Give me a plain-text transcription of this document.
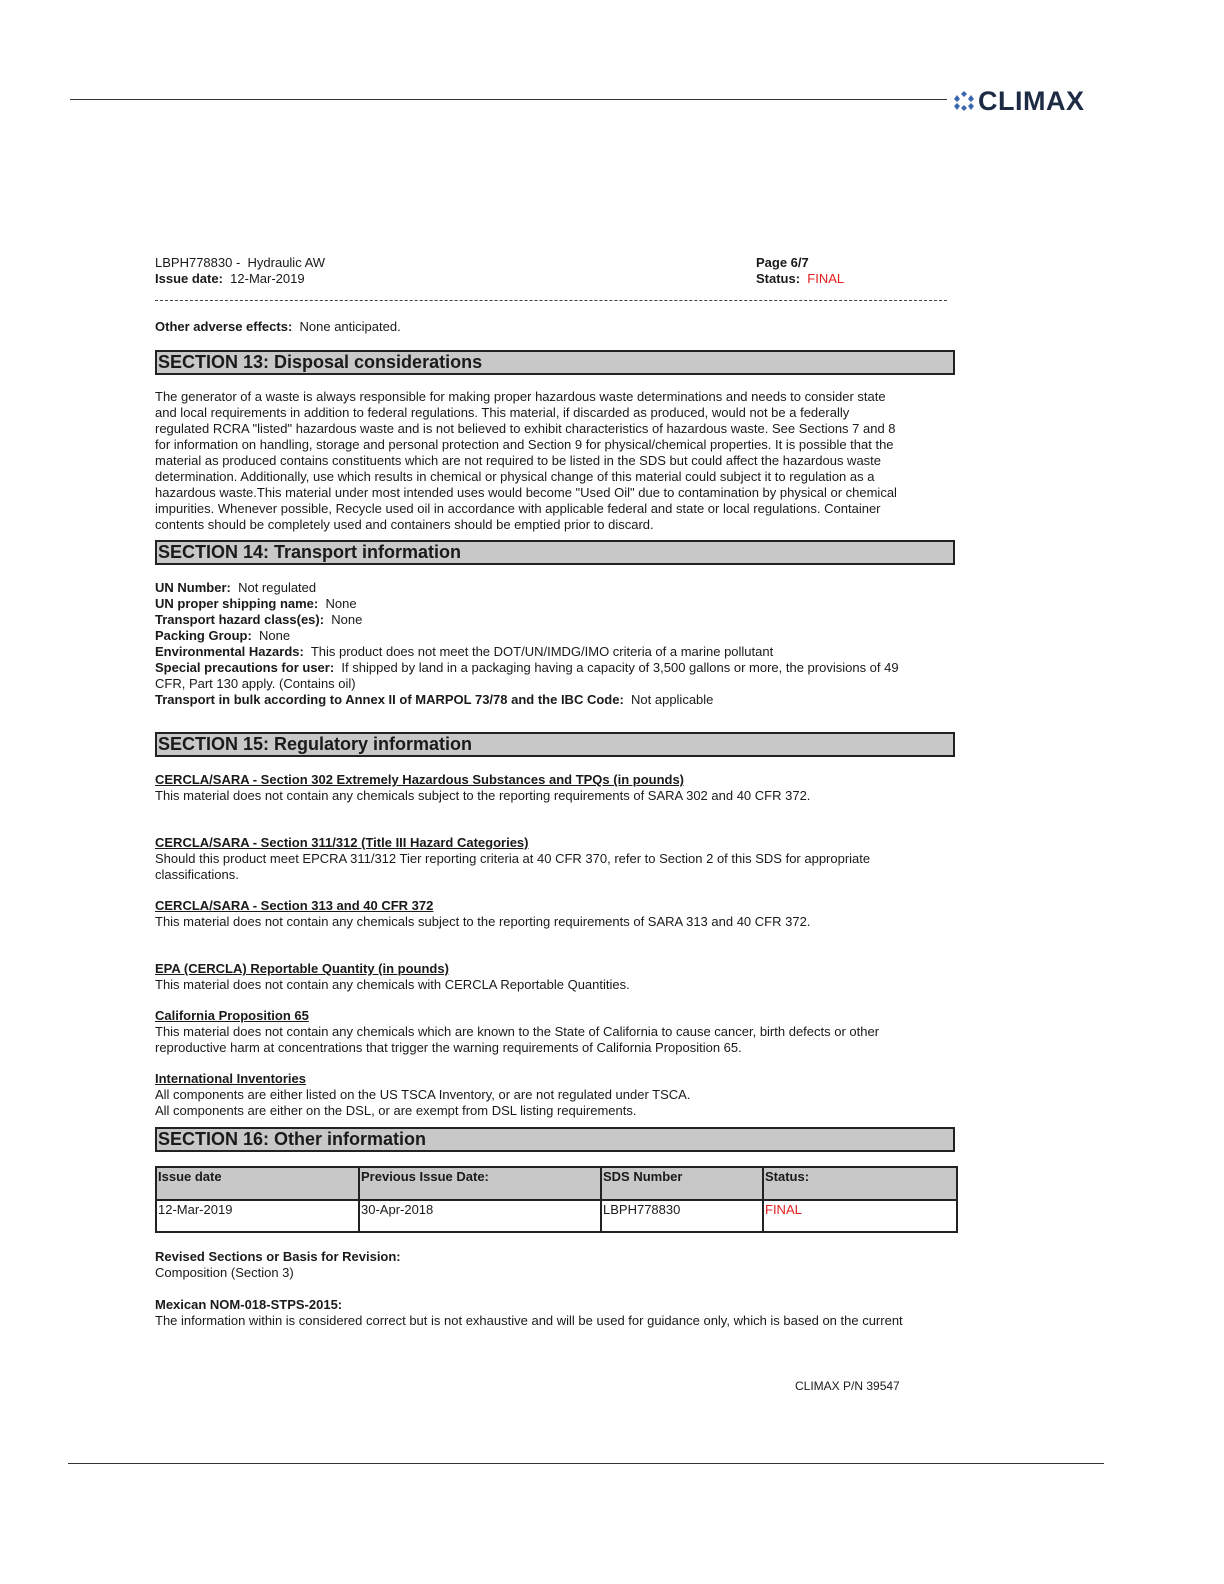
CLIMAX
LBPH778830 - Hydraulic AW
Issue date: 12-Mar-2019
Page 6/7
Status: FINAL

Other adverse effects: None anticipated.

SECTION 13: Disposal considerations
The generator of a waste is always responsible for making proper hazardous waste determinations and needs to consider state
and local requirements in addition to federal regulations. This material, if discarded as produced, would not be a federally
regulated RCRA "listed" hazardous waste and is not believed to exhibit characteristics of hazardous waste. See Sections 7 and 8
for information on handling, storage and personal protection and Section 9 for physical/chemical properties. It is possible that the
material as produced contains constituents which are not required to be listed in the SDS but could affect the hazardous waste
determination. Additionally, use which results in chemical or physical change of this material could subject it to regulation as a
hazardous waste.This material under most intended uses would become "Used Oil" due to contamination by physical or chemical
impurities. Whenever possible, Recycle used oil in accordance with applicable federal and state or local regulations. Container
contents should be completely used and containers should be emptied prior to discard.
SECTION 14: Transport information
UN Number: Not regulated
UN proper shipping name: None
Transport hazard class(es): None
Packing Group: None
Environmental Hazards: This product does not meet the DOT/UN/IMDG/IMO criteria of a marine pollutant
Special precautions for user: If shipped by land in a packaging having a capacity of 3,500 gallons or more, the provisions of 49
CFR, Part 130 apply. (Contains oil)
Transport in bulk according to Annex II of MARPOL 73/78 and the IBC Code: Not applicable
SECTION 15: Regulatory information
CERCLA/SARA - Section 302 Extremely Hazardous Substances and TPQs (in pounds)
This material does not contain any chemicals subject to the reporting requirements of SARA 302 and 40 CFR 372.
CERCLA/SARA - Section 311/312 (Title III Hazard Categories)
Should this product meet EPCRA 311/312 Tier reporting criteria at 40 CFR 370, refer to Section 2 of this SDS for appropriate
classifications.
CERCLA/SARA - Section 313 and 40 CFR 372
This material does not contain any chemicals subject to the reporting requirements of SARA 313 and 40 CFR 372.
EPA (CERCLA) Reportable Quantity (in pounds)
This material does not contain any chemicals with CERCLA Reportable Quantities.
California Proposition 65
This material does not contain any chemicals which are known to the State of California to cause cancer, birth defects or other
reproductive harm at concentrations that trigger the warning requirements of California Proposition 65.
International Inventories
All components are either listed on the US TSCA Inventory, or are not regulated under TSCA.
All components are either on the DSL, or are exempt from DSL listing requirements.
SECTION 16: Other information
Issue date	Previous Issue Date:	SDS Number	Status:
12-Mar-2019	30-Apr-2018	LBPH778830	FINAL
Revised Sections or Basis for Revision:
Composition (Section 3)
Mexican NOM-018-STPS-2015:
The information within is considered correct but is not exhaustive and will be used for guidance only, which is based on the current
CLIMAX P/N 39547
